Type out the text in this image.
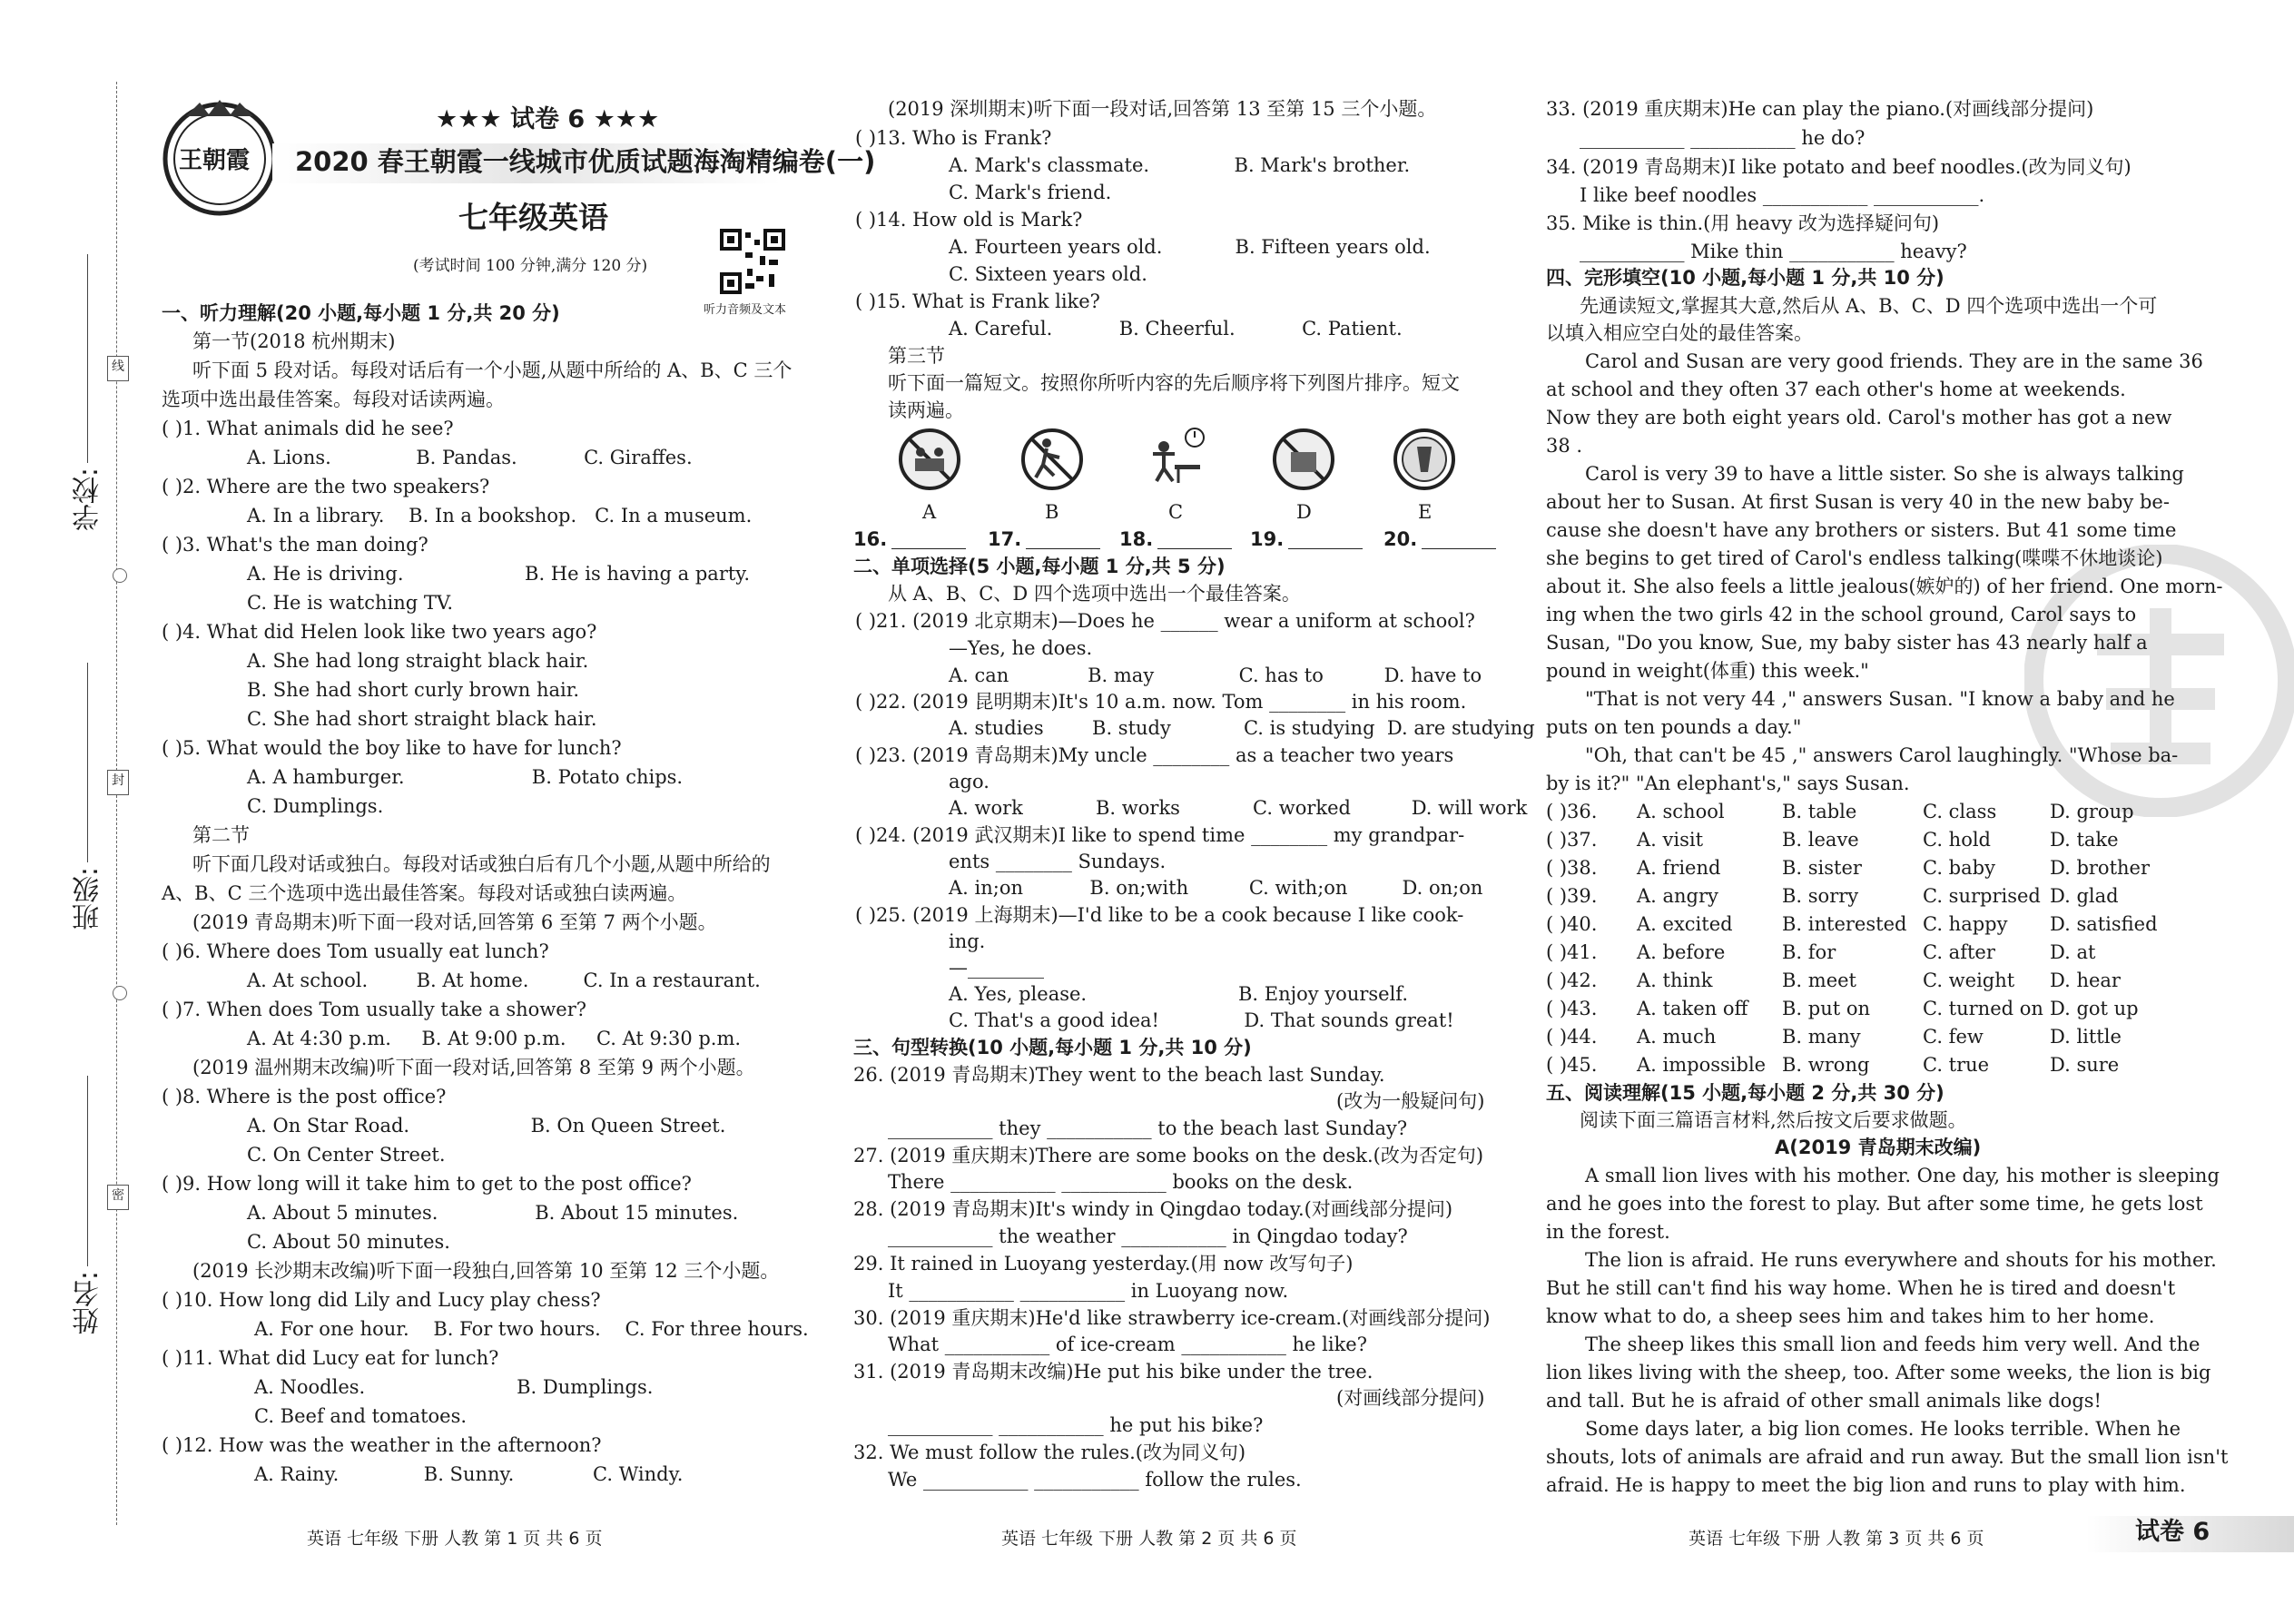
线
封
密
学校:
班级:
姓名:
王朝霞
★★★ 试卷 6 ★★★
2020 春王朝霞一线城市优质试题海淘精编卷(一)
七年级英语
(考试时间 100 分钟,满分 120 分)
听力音频及文本
一、听力理解(20 小题,每小题 1 分,共 20 分)
第一节(2018 杭州期末)
听下面 5 段对话。每段对话后有一个小题,从题中所给的 A、B、C 三个
选项中选出最佳答案。每段对话读两遍。
( )1. What animals did he see?
A. Lions.              B. Pandas.           C. Giraffes.
( )2. Where are the two speakers?
A. In a library.    B. In a bookshop.   C. In a museum.
( )3. What's the man doing?
A. He is driving.                    B. He is having a party.
C. He is watching TV.
( )4. What did Helen look like two years ago?
A. She had long straight black hair.
B. She had short curly brown hair.
C. She had short straight black hair.
( )5. What would the boy like to have for lunch?
A. A hamburger.                     B. Potato chips.
C. Dumplings.
第二节
听下面几段对话或独白。每段对话或独白后有几个小题,从题中所给的
A、B、C 三个选项中选出最佳答案。每段对话或独白读两遍。
(2019 青岛期末)听下面一段对话,回答第 6 至第 7 两个小题。
( )6. Where does Tom usually eat lunch?
A. At school.        B. At home.         C. In a restaurant.
( )7. When does Tom usually take a shower?
A. At 4:30 p.m.     B. At 9:00 p.m.     C. At 9:30 p.m.
(2019 温州期末改编)听下面一段对话,回答第 8 至第 9 两个小题。
( )8. Where is the post office?
A. On Star Road.                    B. On Queen Street.
C. On Center Street.
( )9. How long will it take him to get to the post office?
A. About 5 minutes.                B. About 15 minutes.
C. About 50 minutes.
(2019 长沙期末改编)听下面一段独白,回答第 10 至第 12 三个小题。
( )10. How long did Lily and Lucy play chess?
A. For one hour.    B. For two hours.    C. For three hours.
( )11. What did Lucy eat for lunch?
A. Noodles.                         B. Dumplings.
C. Beef and tomatoes.
( )12. How was the weather in the afternoon?
A. Rainy.              B. Sunny.             C. Windy.
英语 七年级 下册 人教 第 1 页 共 6 页
(2019 深圳期末)听下面一段对话,回答第 13 至第 15 三个小题。
( )13. Who is Frank?
A. Mark's classmate.              B. Mark's brother.
C. Mark's friend.
( )14. How old is Mark?
A. Fourteen years old.            B. Fifteen years old.
C. Sixteen years old.
( )15. What is Frank like?
A. Careful.           B. Cheerful.           C. Patient.
第三节
听下面一篇短文。按照你所听内容的先后顺序将下列图片排序。短文
读两遍。
A	B	C	D	E
16.	17.	18.	19.	20.
二、单项选择(5 小题,每小题 1 分,共 5 分)
从 A、B、C、D 四个选项中选出一个最佳答案。
( )21. (2019 北京期末)—Does he ______ wear a uniform at school?
—Yes, he does.
A. can             B. may              C. has to          D. have to
( )22. (2019 昆明期末)It's 10 a.m. now. Tom ________ in his room.
A. studies        B. study            C. is studying  D. are studying
( )23. (2019 青岛期末)My uncle ________ as a teacher two years
ago.
A. work            B. works            C. worked          D. will work
( )24. (2019 武汉期末)I like to spend time ________ my grandpar-
ents ________ Sundays.
A. in;on           B. on;with          C. with;on         D. on;on
( )25. (2019 上海期末)—I'd like to be a cook because I like cook-
ing.
—________
A. Yes, please.                         B. Enjoy yourself.
C. That's a good idea!              D. That sounds great!
三、句型转换(10 小题,每小题 1 分,共 10 分)
26. (2019 青岛期末)They went to the beach last Sunday.
(改为一般疑问句)
___________ they ___________ to the beach last Sunday?
27. (2019 重庆期末)There are some books on the desk.(改为否定句)
There ___________ ___________ books on the desk.
28. (2019 青岛期末)It's windy in Qingdao today.(对画线部分提问)
___________ the weather ___________ in Qingdao today?
29. It rained in Luoyang yesterday.(用 now 改写句子)
It ___________ ___________ in Luoyang now.
30. (2019 重庆期末)He'd like strawberry ice-cream.(对画线部分提问)
What ___________ of ice-cream ___________ he like?
31. (2019 青岛期末改编)He put his bike under the tree.
(对画线部分提问)
___________ ___________ he put his bike?
32. We must follow the rules.(改为同义句)
We ___________ ___________ follow the rules.
英语 七年级 下册 人教 第 2 页 共 6 页
33. (2019 重庆期末)He can play the piano.(对画线部分提问)
___________ ___________ he do?
34. (2019 青岛期末)I like potato and beef noodles.(改为同义句)
I like beef noodles ___________ ___________.
35. Mike is thin.(用 heavy 改为选择疑问句)
___________ Mike thin ___________ heavy?
四、完形填空(10 小题,每小题 1 分,共 10 分)
先通读短文,掌握其大意,然后从 A、B、C、D 四个选项中选出一个可
以填入相应空白处的最佳答案。
Carol and Susan are very good friends. They are in the same 36
at school and they often 37 each other's home at weekends.
Now they are both eight years old. Carol's mother has got a new
38 .
Carol is very 39 to have a little sister. So she is always talking
about her to Susan. At first Susan is very 40 in the new baby be-
cause she doesn't have any brothers or sisters. But 41 some time
she begins to get tired of Carol's endless talking(喋喋不休地谈论)
about it. She also feels a little jealous(嫉妒的) of her friend. One morn-
ing when the two girls 42 in the school ground, Carol says to
Susan, "Do you know, Sue, my baby sister has 43 nearly half a
pound in weight(体重) this week."
"That is not very 44 ," answers Susan. "I know a baby and he
puts on ten pounds a day."
"Oh, that can't be 45 ," answers Carol laughingly. "Whose ba-
by is it?" "An elephant's," says Susan.
( )36. A. school	B. table	C. class	D. group
( )37. A. visit	B. leave	C. hold	D. take
( )38. A. friend	B. sister	C. baby	D. brother
( )39. A. angry	B. sorry	C. surprised D. glad
( )40. A. excited	B. interested C. happy D. satisfied
( )41. A. before	B. for	C. after	D. at
( )42. A. think	B. meet	C. weight D. hear
( )43. A. taken off B. put on	C. turned on D. got up
( )44. A. much	B. many	C. few	D. little
( )45. A. impossible B. wrong	C. true	D. sure
五、阅读理解(15 小题,每小题 2 分,共 30 分)
阅读下面三篇语言材料,然后按文后要求做题。
A(2019 青岛期末改编)
A small lion lives with his mother. One day, his mother is sleeping
and he goes into the forest to play. But after some time, he gets lost
in the forest.
The lion is afraid. He runs everywhere and shouts for his mother.
But he still can't find his way home. When he is tired and doesn't
know what to do, a sheep sees him and takes him to her home.
The sheep likes this small lion and feeds him very well. And the
lion likes living with the sheep, too. After some weeks, the lion is big
and tall. But he is afraid of other small animals like dogs!
Some days later, a big lion comes. He looks terrible. When he
shouts, lots of animals are afraid and run away. But the small lion isn't
afraid. He is happy to meet the big lion and runs to play with him.
英语 七年级 下册 人教 第 3 页 共 6 页	试卷 6
